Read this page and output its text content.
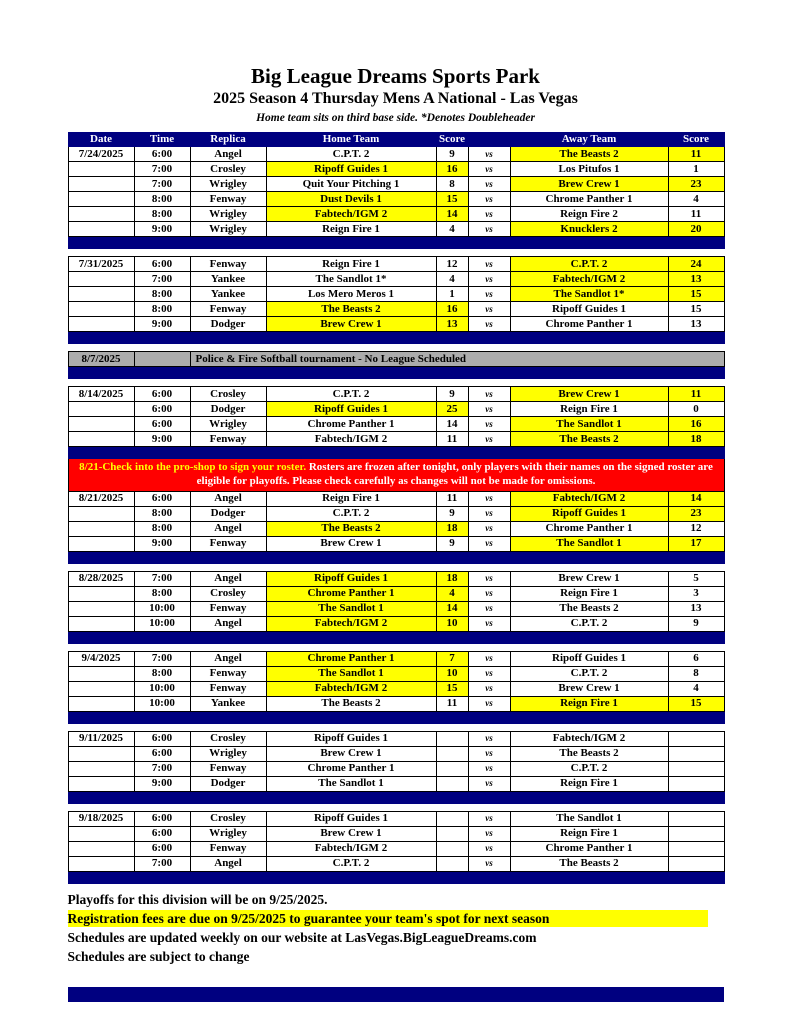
Big League Dreams Sports Park
2025 Season 4 Thursday Mens A National - Las Vegas
Home team sits on third base side. *Denotes Doubleheader
Date	Time	Replica	Home Team	Score		Away Team	Score
7/24/2025	6:00	Angel	C.P.T. 2	9	vs	The Beasts 2	11
	7:00	Crosley	Ripoff Guides 1	16	vs	Los Pitufos 1	1
	7:00	Wrigley	Quit Your Pitching 1	8	vs	Brew Crew 1	23
	8:00	Fenway	Dust Devils 1	15	vs	Chrome Panther 1	4
	8:00	Wrigley	Fabtech/IGM 2	14	vs	Reign Fire 2	11
	9:00	Wrigley	Reign Fire 1	4	vs	Knucklers 2	20

7/31/2025	6:00	Fenway	Reign Fire 1	12	vs	C.P.T. 2	24
	7:00	Yankee	The Sandlot 1*	4	vs	Fabtech/IGM 2	13
	8:00	Yankee	Los Mero Meros 1	1	vs	The Sandlot 1*	15
	8:00	Fenway	The Beasts 2	16	vs	Ripoff Guides 1	15
	9:00	Dodger	Brew Crew 1	13	vs	Chrome Panther 1	13

8/7/2025		Police & Fire Softball tournament - No League Scheduled					

8/14/2025	6:00	Crosley	C.P.T. 2	9	vs	Brew Crew 1	11
	6:00	Dodger	Ripoff Guides 1	25	vs	Reign Fire 1	0
	6:00	Wrigley	Chrome Panther 1	14	vs	The Sandlot 1	16
	9:00	Fenway	Fabtech/IGM 2	11	vs	The Beasts 2	18

8/21-Check into the pro-shop to sign your roster. Rosters are frozen after tonight, only players with their names on the signed roster are eligible for playoffs. Please check carefully as changes will not be made for omissions.							
8/21/2025	6:00	Angel	Reign Fire 1	11	vs	Fabtech/IGM 2	14
	8:00	Dodger	C.P.T. 2	9	vs	Ripoff Guides 1	23
	8:00	Angel	The Beasts 2	18	vs	Chrome Panther 1	12
	9:00	Fenway	Brew Crew 1	9	vs	The Sandlot 1	17

8/28/2025	7:00	Angel	Ripoff Guides 1	18	vs	Brew Crew 1	5
	8:00	Crosley	Chrome Panther 1	4	vs	Reign Fire 1	3
	10:00	Fenway	The Sandlot 1	14	vs	The Beasts 2	13
	10:00	Angel	Fabtech/IGM 2	10	vs	C.P.T. 2	9

9/4/2025	7:00	Angel	Chrome Panther 1	7	vs	Ripoff Guides 1	6
	8:00	Fenway	The Sandlot 1	10	vs	C.P.T. 2	8
	10:00	Fenway	Fabtech/IGM 2	15	vs	Brew Crew 1	4
	10:00	Yankee	The Beasts 2	11	vs	Reign Fire 1	15

9/11/2025	6:00	Crosley	Ripoff Guides 1		vs	Fabtech/IGM 2	
	6:00	Wrigley	Brew Crew 1		vs	The Beasts 2	
	7:00	Fenway	Chrome Panther 1		vs	C.P.T. 2	
	9:00	Dodger	The Sandlot 1		vs	Reign Fire 1	

9/18/2025	6:00	Crosley	Ripoff Guides 1		vs	The Sandlot 1	
	6:00	Wrigley	Brew Crew 1		vs	Reign Fire 1	
	6:00	Fenway	Fabtech/IGM 2		vs	Chrome Panther 1	
	7:00	Angel	C.P.T. 2		vs	The Beasts 2	

Playoffs for this division will be on 9/25/2025.
Registration fees are due on 9/25/2025 to guarantee your team's spot for next season
Schedules are updated weekly on our website at LasVegas.BigLeagueDreams.com
Schedules are subject to change
